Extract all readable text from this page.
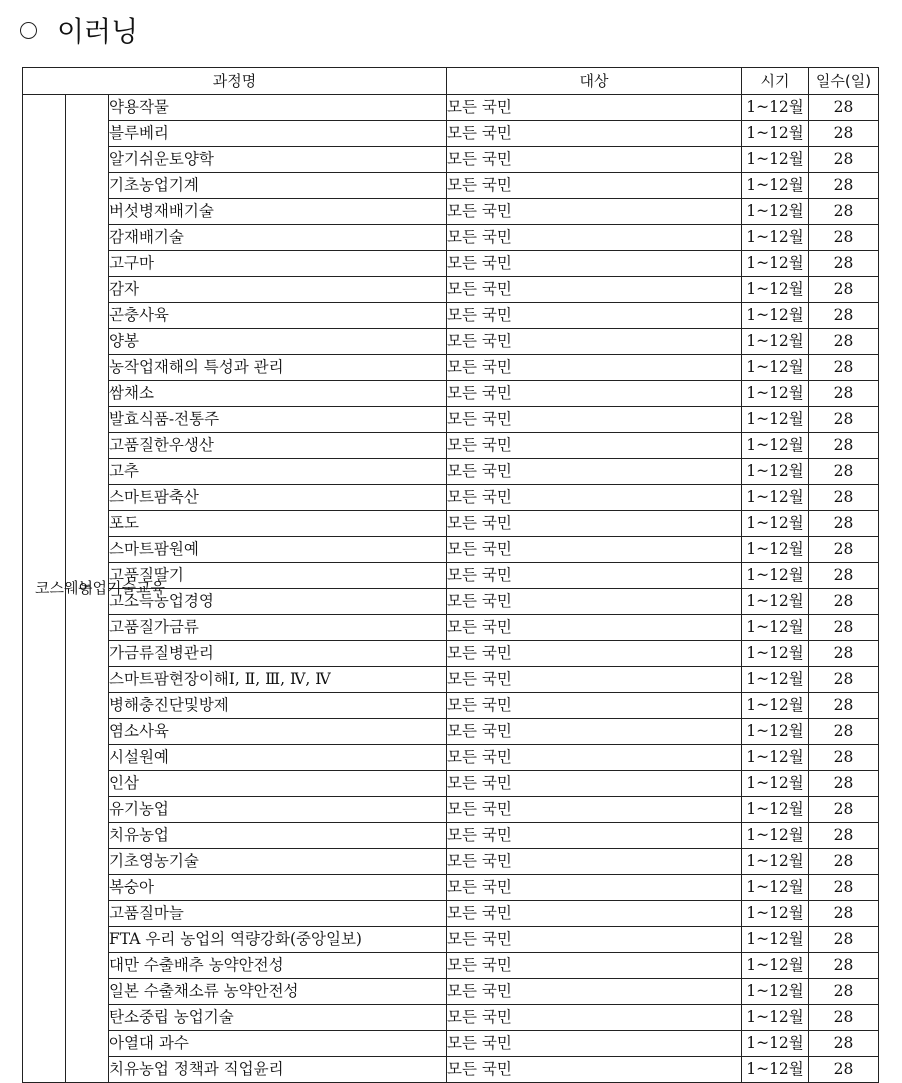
이러닝
과정명			대상	시기	일수(일)
코스웨어	농업기술교육	약용작물	모든 국민	1~12월	28
		블루베리	모든 국민	1~12월	28
		알기쉬운토양학	모든 국민	1~12월	28
		기초농업기계	모든 국민	1~12월	28
		버섯병재배기술	모든 국민	1~12월	28
		감재배기술	모든 국민	1~12월	28
		고구마	모든 국민	1~12월	28
		감자	모든 국민	1~12월	28
		곤충사육	모든 국민	1~12월	28
		양봉	모든 국민	1~12월	28
		농작업재해의 특성과 관리	모든 국민	1~12월	28
		쌈채소	모든 국민	1~12월	28
		발효식품-전통주	모든 국민	1~12월	28
		고품질한우생산	모든 국민	1~12월	28
		고추	모든 국민	1~12월	28
		스마트팜축산	모든 국민	1~12월	28
		포도	모든 국민	1~12월	28
		스마트팜원예	모든 국민	1~12월	28
		고품질딸기	모든 국민	1~12월	28
		고소득농업경영	모든 국민	1~12월	28
		고품질가금류	모든 국민	1~12월	28
		가금류질병관리	모든 국민	1~12월	28
		스마트팜현장이해Ⅰ, Ⅱ, Ⅲ, Ⅳ, Ⅳ	모든 국민	1~12월	28
		병해충진단및방제	모든 국민	1~12월	28
		염소사육	모든 국민	1~12월	28
		시설원예	모든 국민	1~12월	28
		인삼	모든 국민	1~12월	28
		유기농업	모든 국민	1~12월	28
		치유농업	모든 국민	1~12월	28
		기초영농기술	모든 국민	1~12월	28
		복숭아	모든 국민	1~12월	28
		고품질마늘	모든 국민	1~12월	28
		FTA 우리 농업의 역량강화(중앙일보)	모든 국민	1~12월	28
		대만 수출배추 농약안전성	모든 국민	1~12월	28
		일본 수출채소류 농약안전성	모든 국민	1~12월	28
		탄소중립 농업기술	모든 국민	1~12월	28
		아열대 과수	모든 국민	1~12월	28
		치유농업 정책과 직업윤리	모든 국민	1~12월	28
